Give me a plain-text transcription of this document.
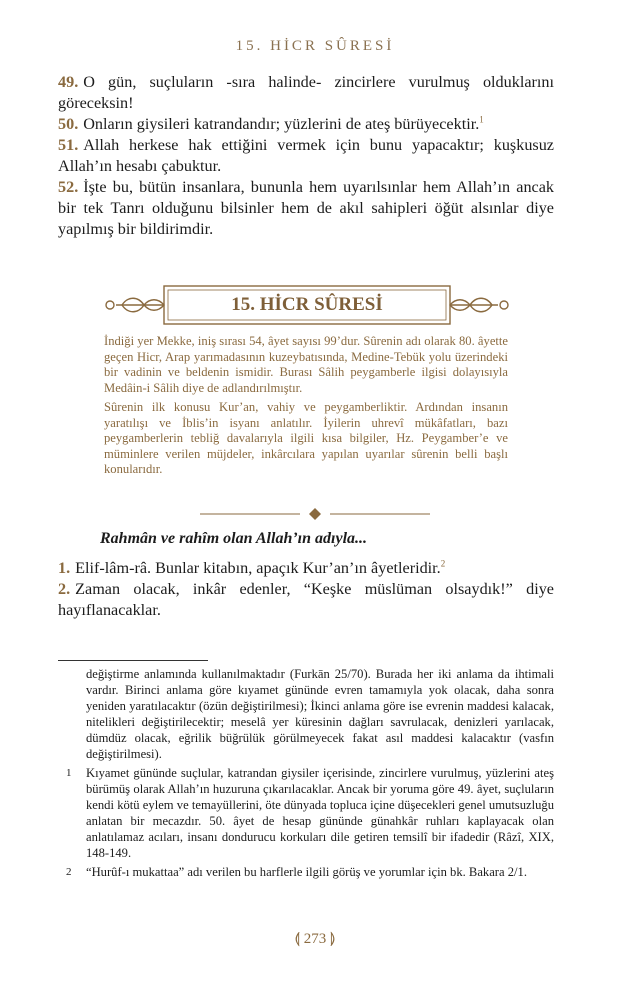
15. HİCR SÛRESİ

49. O gün, suçluların -sıra halinde- zincirlere vurulmuş olduklarını göreceksin!

50. Onların giysileri katrandandır; yüzlerini de ateş bürüyecektir.$^1$

51. Allah herkese hak ettiğini vermek için bunu yapacaktır; kuşkusuz Allah’ın hesabı çabuktur.

52. İşte bu, bütün insanlara, bununla hem uyarılsınlar hem Allah’ın ancak bir tek Tanrı olduğunu bilsinler hem de akıl sahipleri öğüt alsınlar diye yapılmış bir bildirimdir.

15. HİCR SÛRESİ

İndiği yer Mekke, iniş sırası 54, âyet sayısı 99’dur. Sûrenin adı olarak 80. âyette geçen Hicr, Arap yarımadasının kuzeybatısında, Medine-Tebük yolu üzerindeki bir vadinin ve beldenin ismidir. Burası Sâlih peygamberle ilgisi dolayısıyla Medâin-i Sâlih diye de adlandırılmıştır.

Sûrenin ilk konusu Kur’an, vahiy ve peygamberliktir. Ardından insanın yaratılışı ve İblis’in isyanı anlatılır. İyilerin uhrevî mükâfatları, bazı peygamberlerin tebliğ davalarıyla ilgili kısa bilgiler, Hz. Peygamber’e ve müminlere verilen müjdeler, inkârcılara yapılan uyarılar sûrenin belli başlı konularıdır.

Rahmân ve rahîm olan Allah’ın adıyla...

1. Elif-lâm-râ. Bunlar kitabın, apaçık Kur’an’ın âyetleridir.$^2$

2. Zaman olacak, inkâr edenler, “Keşke müslüman olsaydık!” diye hayıflanacaklar.

değiştirme anlamında kullanılmaktadır (Furkān 25/70). Burada her iki anlama da ihtimali vardır. Birinci anlama göre kıyamet gününde evren tamamıyla yok olacak, daha sonra yeniden yaratılacaktır (özün değiştirilmesi); İkinci anlama göre ise evrenin maddesi kalacak, nitelikleri değiştirilecektir; meselâ yer küresinin dağları savrulacak, denizleri yarılacak, dümdüz olacak, eğrilik büğrülük görülmeyecek fakat asıl maddesi kalacaktır (vasfın değiştirilmesi).

1 Kıyamet gününde suçlular, katrandan giysiler içerisinde, zincirlere vurulmuş, yüzlerini ateş bürümüş olarak Allah’ın huzuruna çıkarılacaklar. Ancak bir yoruma göre 49. âyet, suçluların kendi kötü eylem ve temayüllerini, öte dünyada topluca içine düşecekleri genel umutsuzluğu anlatan bir mecazdır. 50. âyet de hesap gününde günahkâr ruhları kaplayacak olan anlatılamaz acıları, insanı dondurucu korkuları dile getiren temsilî bir ifadedir (Râzî, XIX, 148-149.

2 “Hurûf-ı mukattaa” adı verilen bu harflerle ilgili görüş ve yorumlar için bk. Bakara 2/1.

⟬ 273 ⟭
